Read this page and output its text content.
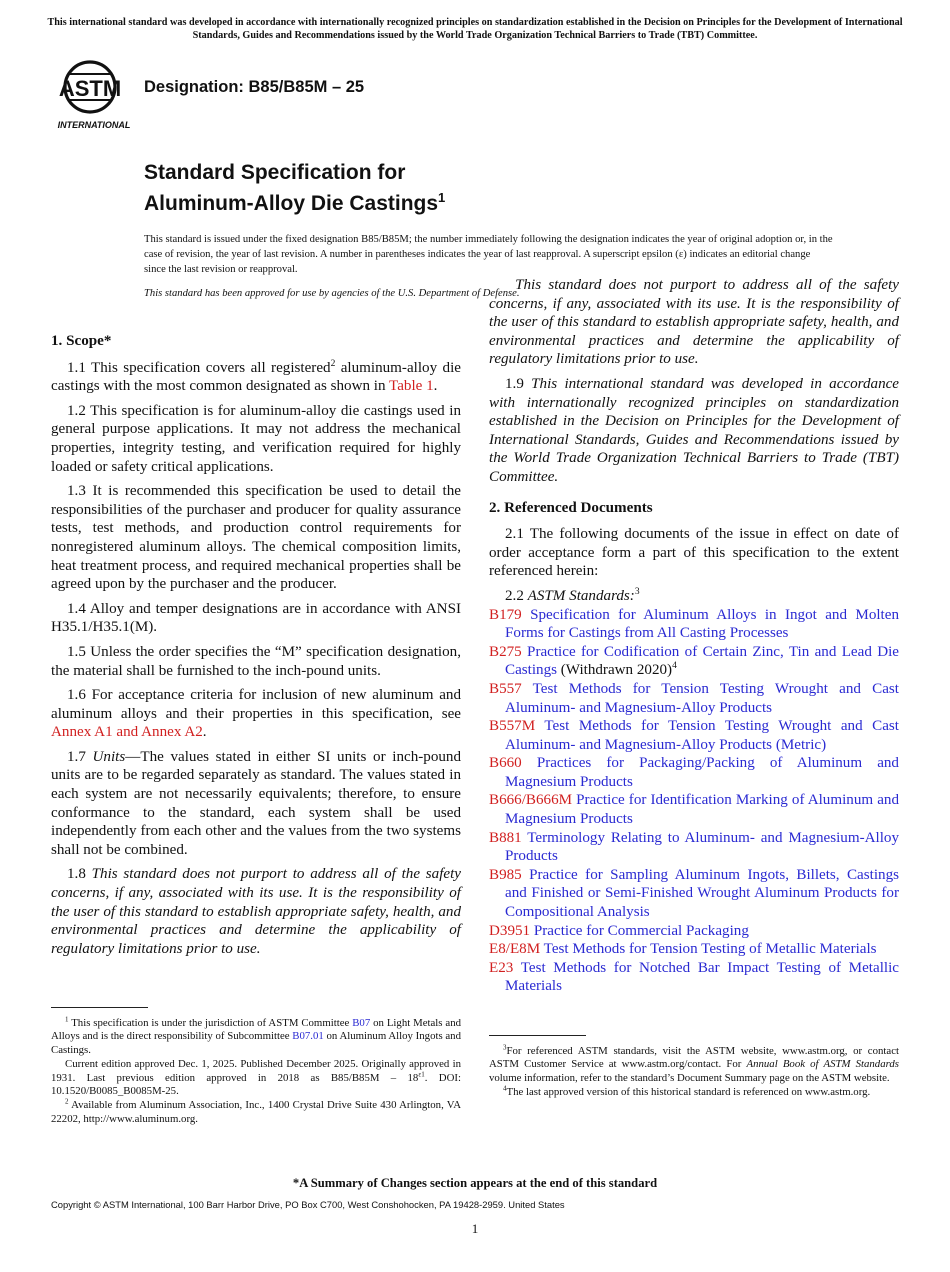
This international standard was developed in accordance with internationally recognized principles on standardization established in the Decision on Principles for the Development of International Standards, Guides and Recommendations issued by the World Trade Organization Technical Barriers to Trade (TBT) Committee.
ASTM
INTERNATIONAL
Designation: B85/B85M – 25
Standard Specification for
Aluminum-Alloy Die Castings$^1$

This standard is issued under the fixed designation B85/B85M; the number immediately following the designation indicates the year of original adoption or, in the case of revision, the year of last revision. A number in parentheses indicates the year of last reapproval. A superscript epsilon (ε) indicates an editorial change since the last revision or reapproval.

This standard has been approved for use by agencies of the U.S. Department of Defense.

1. Scope*

1.1 This specification covers all registered$^2$ aluminum-alloy die castings with the most common designated as shown in Table 1.

1.2 This specification is for aluminum-alloy die castings used in general purpose applications. It may not address the mechanical properties, integrity testing, and verification required for highly loaded or safety critical applications.

1.3 It is recommended this specification be used to detail the responsibilities of the purchaser and producer for quality assurance tests, test methods, and production control requirements for nonregistered aluminum alloys. The chemical composition limits, heat treatment process, and required mechanical properties shall be agreed upon by the purchaser and the producer.

1.4 Alloy and temper designations are in accordance with ANSI H35.1/H35.1(M).

1.5 Unless the order specifies the “M” specification designation, the material shall be furnished to the inch-pound units.

1.6 For acceptance criteria for inclusion of new aluminum and aluminum alloys and their properties in this specification, see Annex A1 and Annex A2.

1.7 Units—The values stated in either SI units or inch-pound units are to be regarded separately as standard. The values stated in each system are not necessarily equivalents; therefore, to ensure conformance to the standard, each system shall be used independently from each other and the values from the two systems shall not be combined.

1.8 This standard does not purport to address all of the safety concerns, if any, associated with its use. It is the responsibility of the user of this standard to establish appropriate safety, health, and environmental practices and determine the applicability of regulatory limitations prior to use.

This standard does not purport to address all of the safety concerns, if any, associated with its use. It is the responsibility of the user of this standard to establish appropriate safety, health, and environmental practices and determine the applicability of regulatory limitations prior to use.

1.9 This international standard was developed in accordance with internationally recognized principles on standardization established in the Decision on Principles for the Development of International Standards, Guides and Recommendations issued by the World Trade Organization Technical Barriers to Trade (TBT) Committee.

2. Referenced Documents

2.1 The following documents of the issue in effect on date of order acceptance form a part of this specification to the extent referenced herein:

2.2 ASTM Standards:$^3$

B179 Specification for Aluminum Alloys in Ingot and Molten Forms for Castings from All Casting Processes
B275 Practice for Codification of Certain Zinc, Tin and Lead Die Castings (Withdrawn 2020)$^4$
B557 Test Methods for Tension Testing Wrought and Cast Aluminum- and Magnesium-Alloy Products
B557M Test Methods for Tension Testing Wrought and Cast Aluminum- and Magnesium-Alloy Products (Metric)
B660 Practices for Packaging/Packing of Aluminum and Magnesium Products
B666/B666M Practice for Identification Marking of Aluminum and Magnesium Products
B881 Terminology Relating to Aluminum- and Magnesium-Alloy Products
B985 Practice for Sampling Aluminum Ingots, Billets, Castings and Finished or Semi-Finished Wrought Aluminum Products for Compositional Analysis
D3951 Practice for Commercial Packaging
E8/E8M Test Methods for Tension Testing of Metallic Materials
E23 Test Methods for Notched Bar Impact Testing of Metallic Materials

$^1$ This specification is under the jurisdiction of ASTM Committee B07 on Light Metals and Alloys and is the direct responsibility of Subcommittee B07.01 on Aluminum Alloy Ingots and Castings.

Current edition approved Dec. 1, 2025. Published December 2025. Originally approved in 1931. Last previous edition approved in 2018 as $B85/B85M - 18^{\varepsilon 1}$. DOI: 10.1520/B0085_B0085M-25.

$^2$ Available from Aluminum Association, Inc., 1400 Crystal Drive Suite 430 Arlington, VA 22202, http://www.aluminum.org.

$^3$For referenced ASTM standards, visit the ASTM website, www.astm.org, or contact ASTM Customer Service at www.astm.org/contact. For Annual Book of ASTM Standards volume information, refer to the standard’s Document Summary page on the ASTM website.

$^4$The last approved version of this historical standard is referenced on www.astm.org.

*A Summary of Changes section appears at the end of this standard
Copyright © ASTM International, 100 Barr Harbor Drive, PO Box C700, West Conshohocken, PA 19428-2959. United States
1
